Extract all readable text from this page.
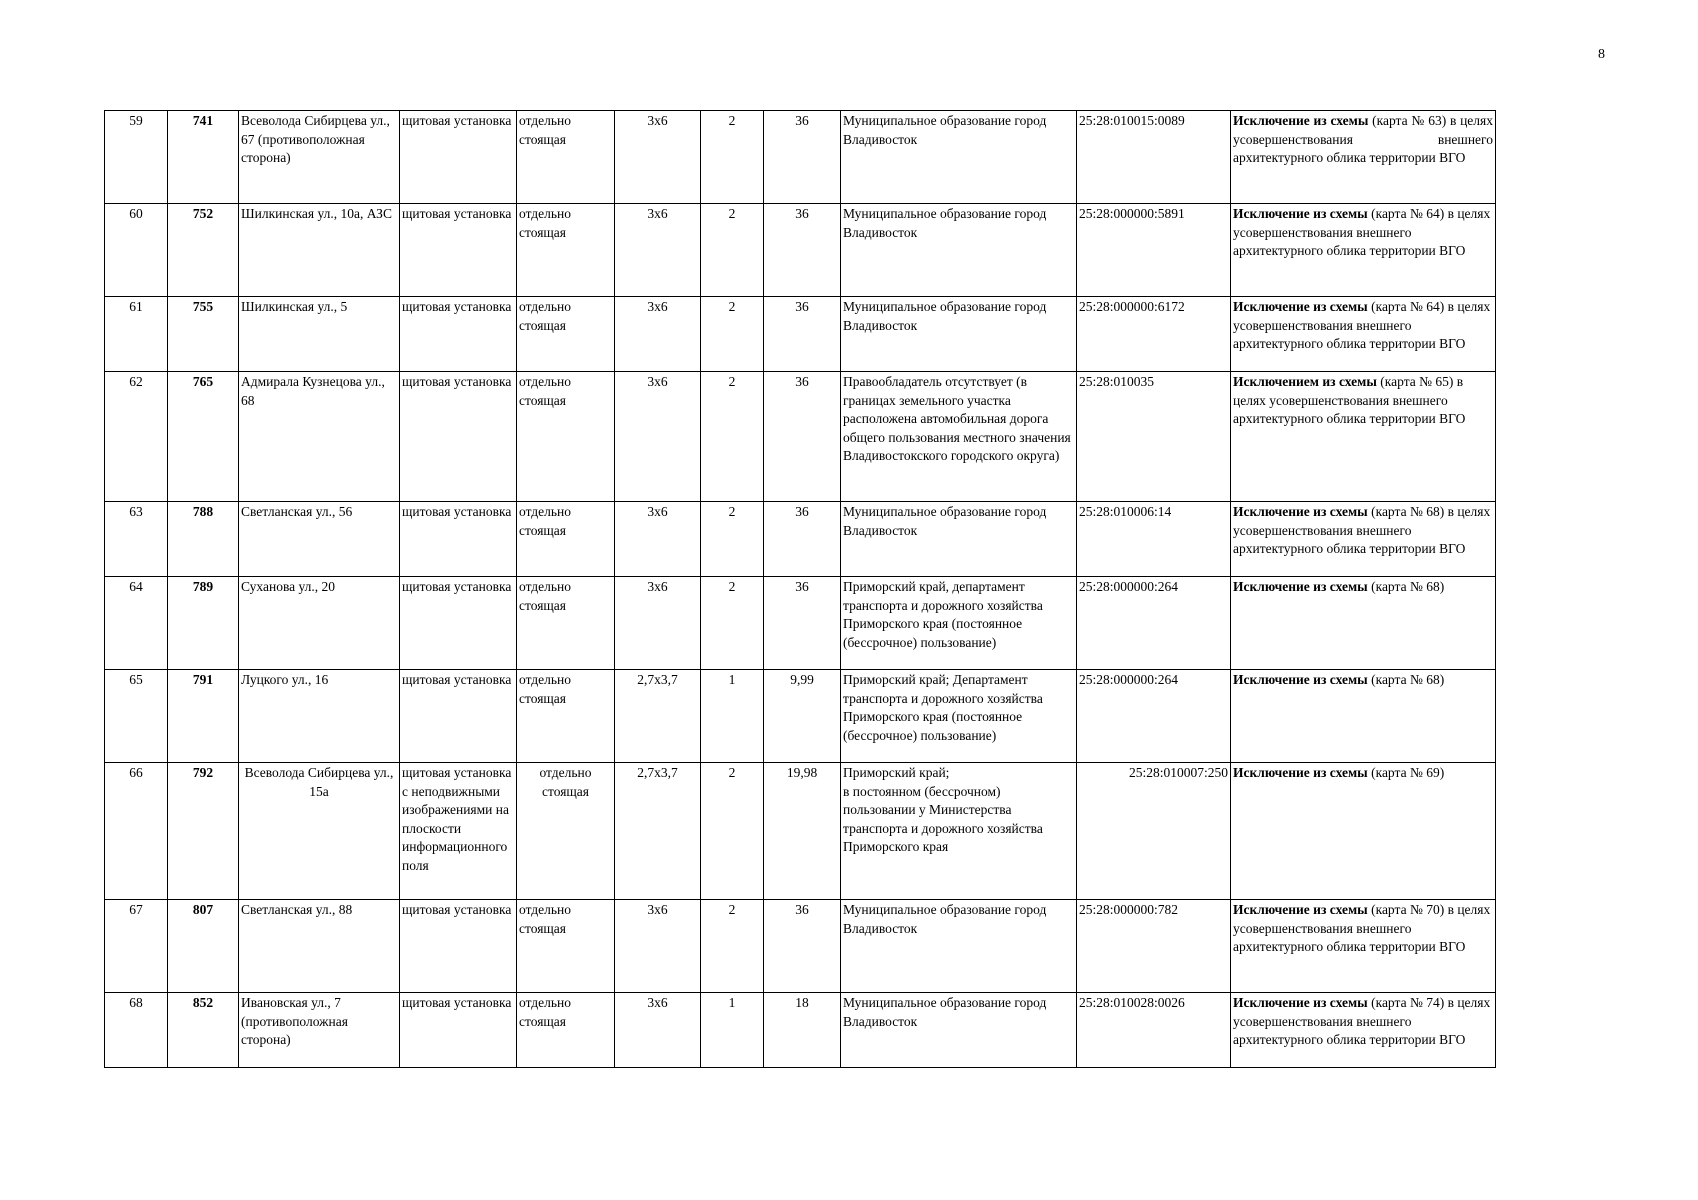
8
59	741	Всеволода Сибирцева ул., 67 (противоположная сторона)	щитовая установка	отдельно стоящая	3х6	2	36	Муниципальное образование город Владивосток	25:28:010015:0089	Исключение из схемы (карта № 63) в целях усовершенствования внешнего архитектурного облика территории ВГО
60	752	Шилкинская ул., 10а, АЗС	щитовая установка	отдельно стоящая	3х6	2	36	Муниципальное образование город Владивосток	25:28:000000:5891	Исключение из схемы (карта № 64) в целях усовершенствования внешнего архитектурного облика территории ВГО
61	755	Шилкинская ул., 5	щитовая установка	отдельно стоящая	3х6	2	36	Муниципальное образование город Владивосток	25:28:000000:6172	Исключение из схемы (карта № 64) в целях усовершенствования внешнего архитектурного облика территории ВГО
62	765	Адмирала Кузнецова ул., 68	щитовая установка	отдельно стоящая	3х6	2	36	Правообладатель отсутствует (в границах земельного участка расположена автомобильная дорога общего пользования местного значения Владивостокского городского округа)	25:28:010035	Исключением из схемы (карта № 65) в целях усовершенствования внешнего архитектурного облика территории ВГО
63	788	Светланская ул., 56	щитовая установка	отдельно стоящая	3х6	2	36	Муниципальное образование город Владивосток	25:28:010006:14	Исключение из схемы (карта № 68) в целях усовершенствования внешнего архитектурного облика территории ВГО
64	789	Суханова ул., 20	щитовая установка	отдельно стоящая	3х6	2	36	Приморский край, департамент транспорта и дорожного хозяйства Приморского края (постоянное (бессрочное) пользование)	25:28:000000:264	Исключение из схемы (карта № 68)
65	791	Луцкого ул., 16	щитовая установка	отдельно стоящая	2,7х3,7	1	9,99	Приморский край; Департамент транспорта и дорожного хозяйства Приморского края (постоянное (бессрочное) пользование)	25:28:000000:264	Исключение из схемы (карта № 68)
66	792	Всеволода Сибирцева ул., 15а	щитовая установка с неподвижными изображениями на плоскости информационного поля	отдельно стоящая	2,7х3,7	2	19,98	Приморский край;
в постоянном (бессрочном) пользовании у Министерства транспорта и дорожного хозяйства Приморского края	25:28:010007:250	Исключение из схемы (карта № 69)
67	807	Светланская ул., 88	щитовая установка	отдельно стоящая	3х6	2	36	Муниципальное образование город Владивосток	25:28:000000:782	Исключение из схемы (карта № 70) в целях усовершенствования внешнего архитектурного облика территории ВГО
68	852	Ивановская ул., 7 (противоположная сторона)	щитовая установка	отдельно стоящая	3х6	1	18	Муниципальное образование город Владивосток	25:28:010028:0026	Исключение из схемы (карта № 74) в целях усовершенствования внешнего архитектурного облика территории ВГО
